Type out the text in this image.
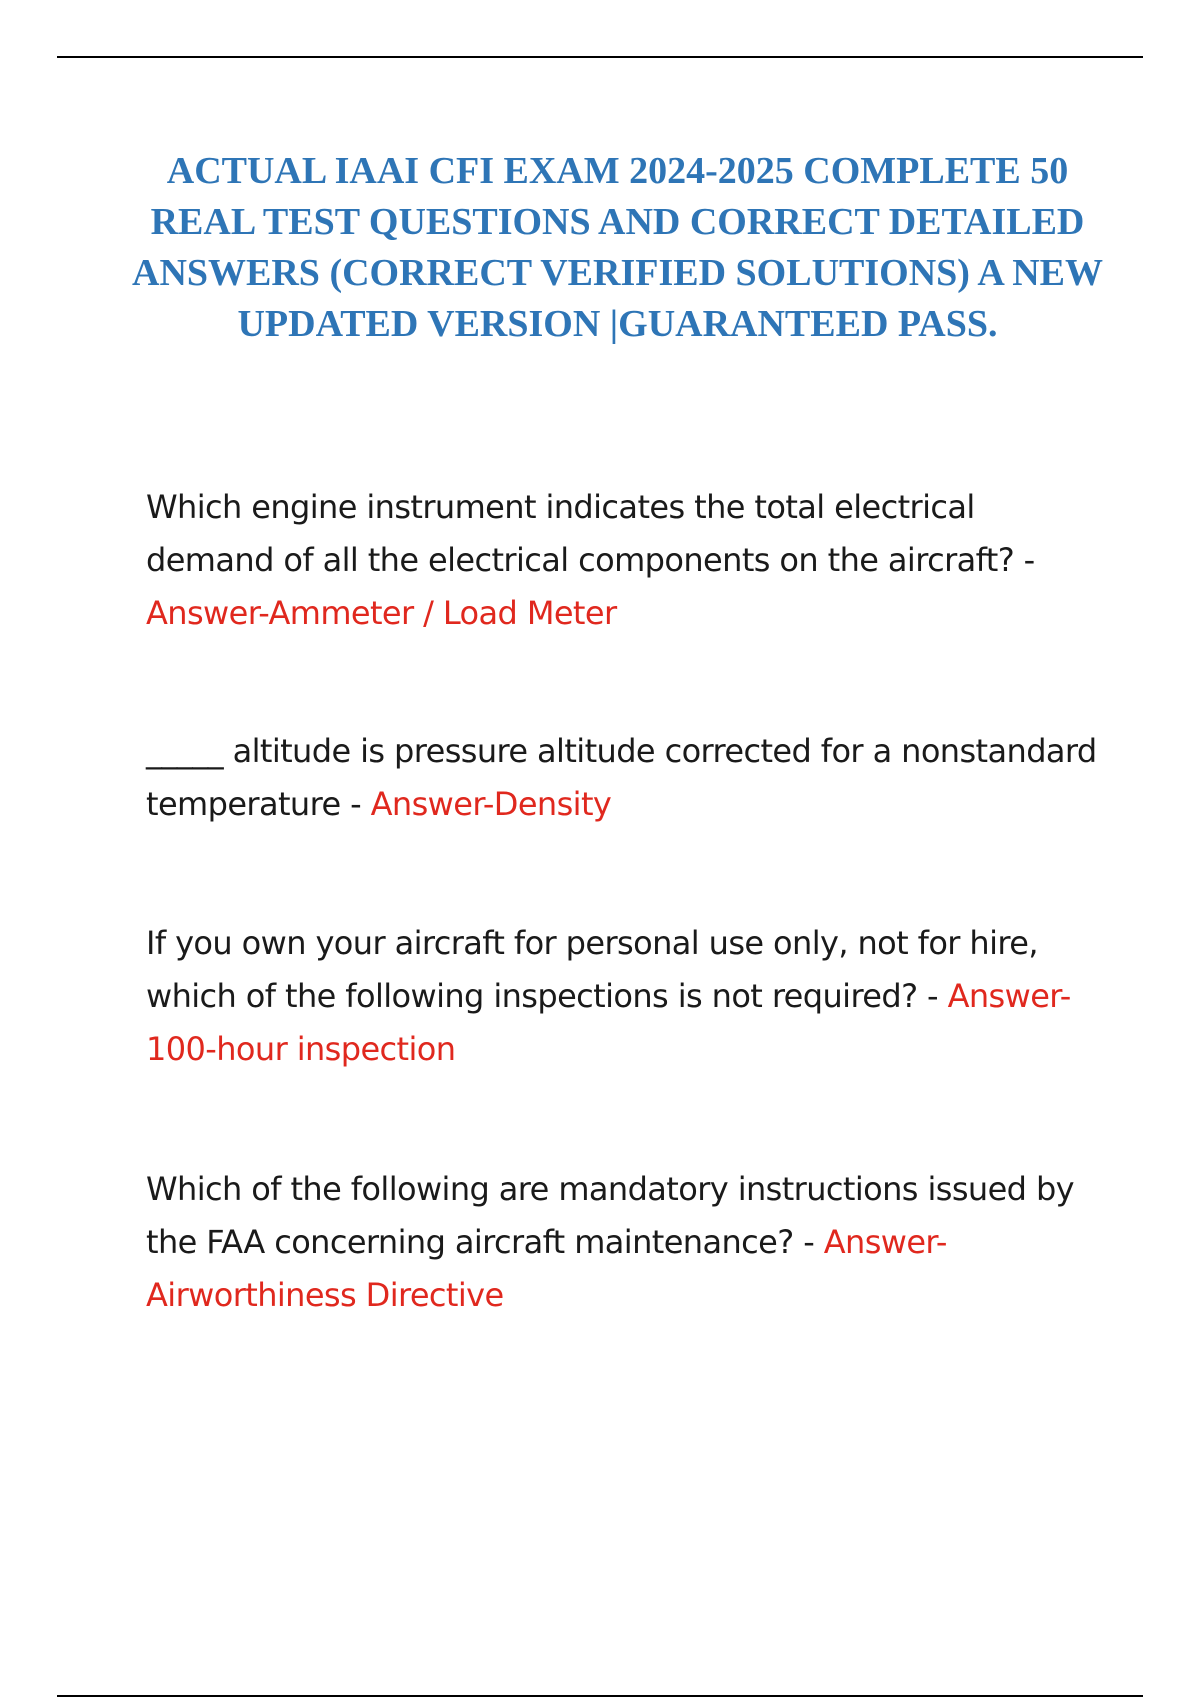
ACTUAL IAAI CFI EXAM 2024-2025 COMPLETE 50 REAL TEST QUESTIONS AND CORRECT DETAILED ANSWERS (CORRECT VERIFIED SOLUTIONS) A NEW UPDATED VERSION |GUARANTEED PASS.

Which engine instrument indicates the total electrical demand of all the electrical components on the aircraft? - Answer-Ammeter / Load Meter

_____ altitude is pressure altitude corrected for a nonstandard temperature - Answer-Density

If you own your aircraft for personal use only, not for hire, which of the following inspections is not required? - Answer-100-hour inspection

Which of the following are mandatory instructions issued by the FAA concerning aircraft maintenance? - Answer-Airworthiness Directive
